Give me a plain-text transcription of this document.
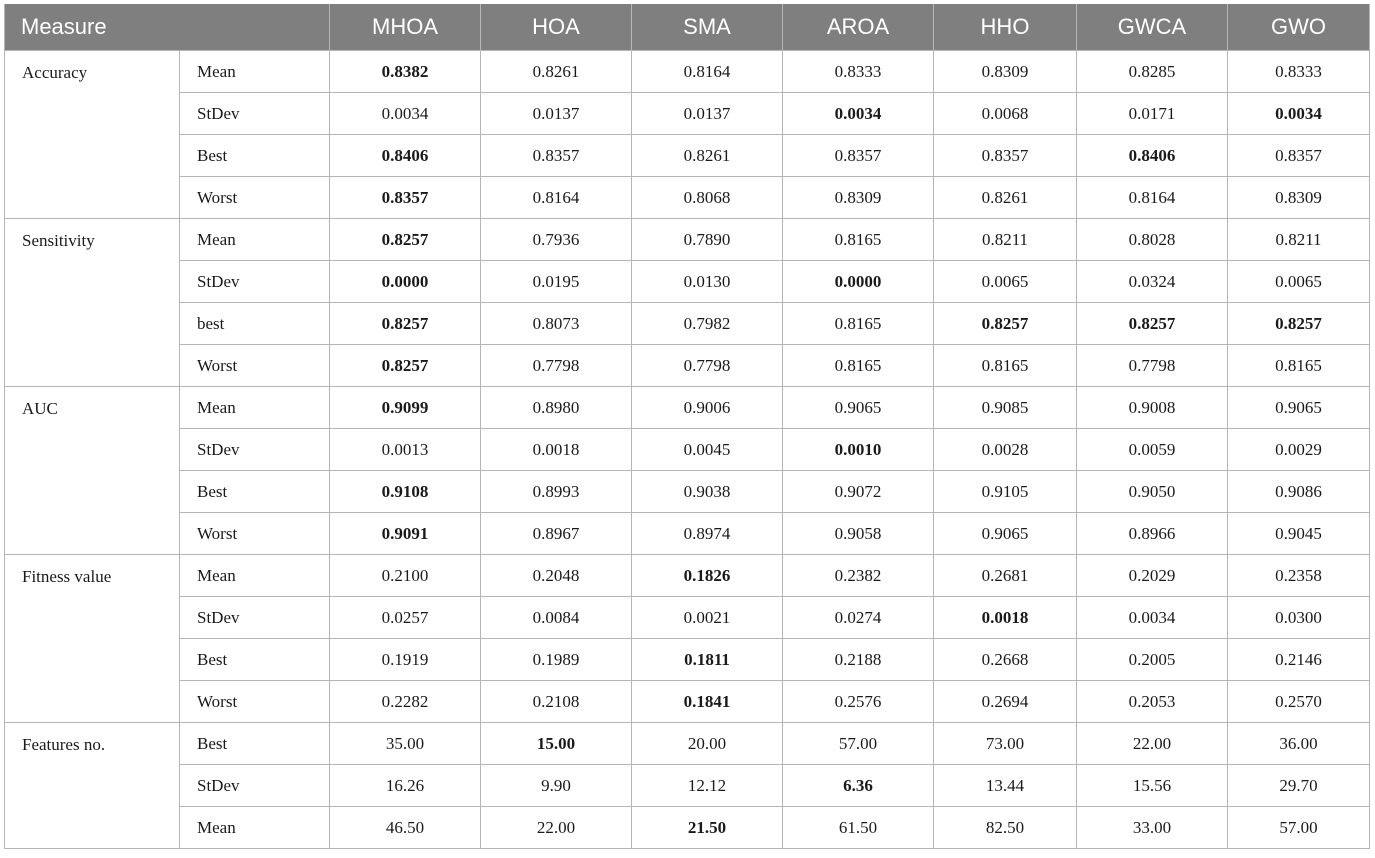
Measure		MHOA	HOA	SMA	AROA	HHO	GWCA	GWO
Accuracy	Mean	0.8382	0.8261	0.8164	0.8333	0.8309	0.8285	0.8333
	StDev	0.0034	0.0137	0.0137	0.0034	0.0068	0.0171	0.0034
	Best	0.8406	0.8357	0.8261	0.8357	0.8357	0.8406	0.8357
	Worst	0.8357	0.8164	0.8068	0.8309	0.8261	0.8164	0.8309
Sensitivity	Mean	0.8257	0.7936	0.7890	0.8165	0.8211	0.8028	0.8211
	StDev	0.0000	0.0195	0.0130	0.0000	0.0065	0.0324	0.0065
	best	0.8257	0.8073	0.7982	0.8165	0.8257	0.8257	0.8257
	Worst	0.8257	0.7798	0.7798	0.8165	0.8165	0.7798	0.8165
AUC	Mean	0.9099	0.8980	0.9006	0.9065	0.9085	0.9008	0.9065
	StDev	0.0013	0.0018	0.0045	0.0010	0.0028	0.0059	0.0029
	Best	0.9108	0.8993	0.9038	0.9072	0.9105	0.9050	0.9086
	Worst	0.9091	0.8967	0.8974	0.9058	0.9065	0.8966	0.9045
Fitness value	Mean	0.2100	0.2048	0.1826	0.2382	0.2681	0.2029	0.2358
	StDev	0.0257	0.0084	0.0021	0.0274	0.0018	0.0034	0.0300
	Best	0.1919	0.1989	0.1811	0.2188	0.2668	0.2005	0.2146
	Worst	0.2282	0.2108	0.1841	0.2576	0.2694	0.2053	0.2570
Features no.	Best	35.00	15.00	20.00	57.00	73.00	22.00	36.00
	StDev	16.26	9.90	12.12	6.36	13.44	15.56	29.70
	Mean	46.50	22.00	21.50	61.50	82.50	33.00	57.00
